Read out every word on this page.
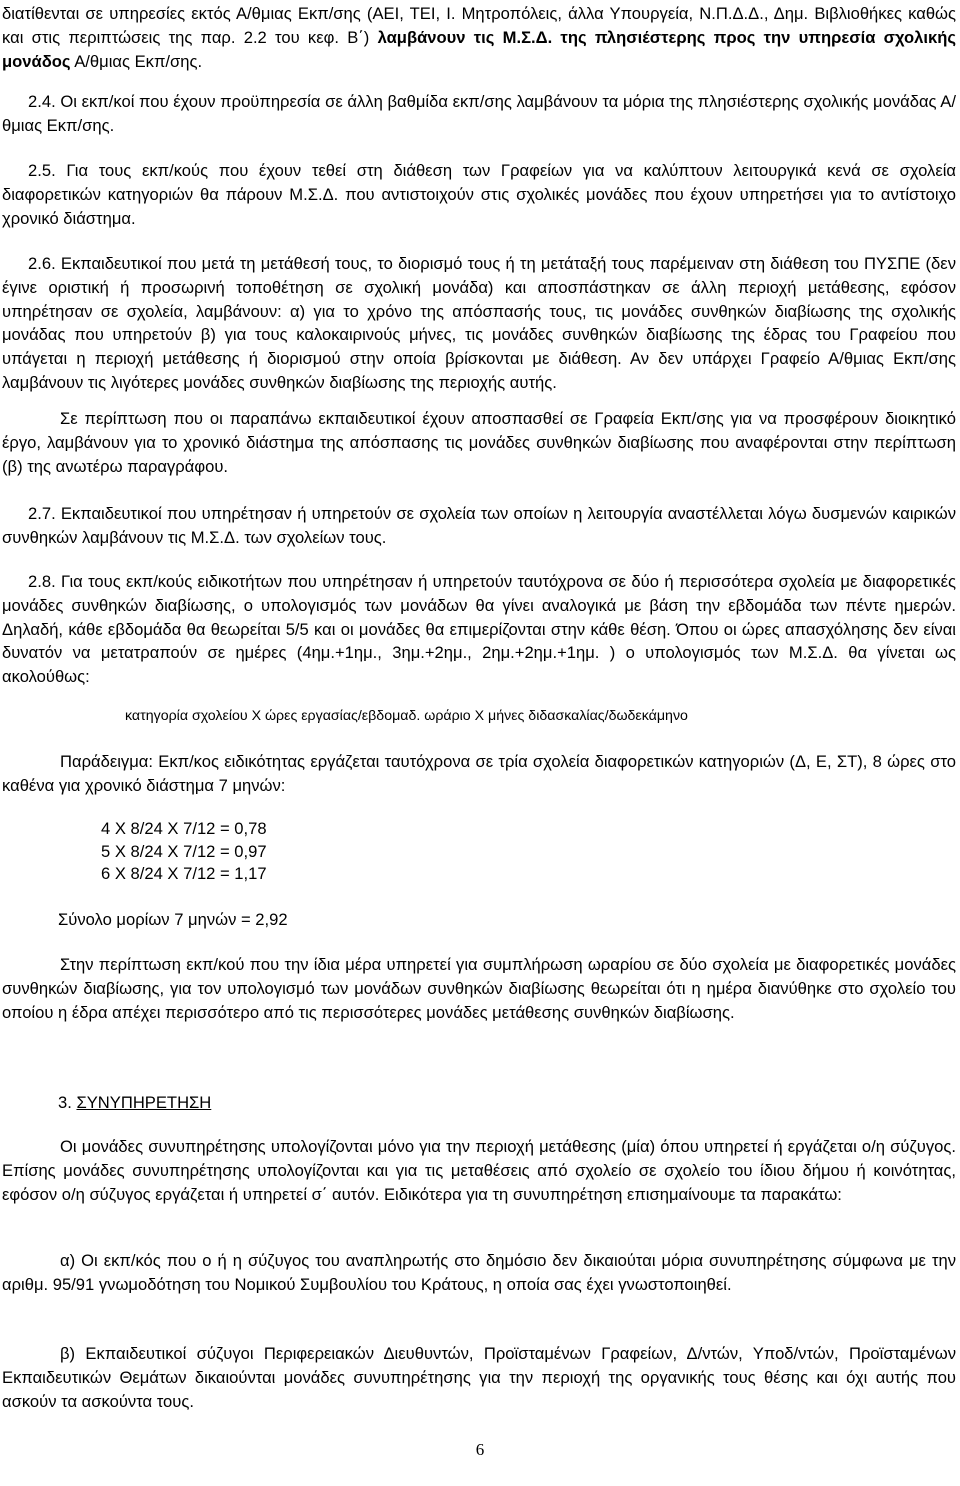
διατίθενται σε υπηρεσίες εκτός Α/θμιας Εκπ/σης (ΑΕΙ, ΤΕΙ, Ι. Μητροπόλεις, άλλα Υπουργεία, Ν.Π.Δ.Δ., Δημ. Βιβλιοθήκες καθώς και στις περιπτώσεις της παρ. 2.2 του κεφ. Β΄) λαμβάνουν τις Μ.Σ.Δ. της πλησιέστερης προς την υπηρεσία σχολικής μονάδος Α/θμιας Εκπ/σης.

2.4. Οι εκπ/κοί που έχουν προϋπηρεσία σε άλλη βαθμίδα εκπ/σης λαμβάνουν τα μόρια της πλησιέστερης σχολικής μονάδας Α/θμιας Εκπ/σης.

2.5. Για τους εκπ/κούς που έχουν τεθεί στη διάθεση των Γραφείων για να καλύπτουν λειτουργικά κενά σε σχολεία διαφορετικών κατηγοριών θα πάρουν Μ.Σ.Δ. που αντιστοιχούν στις σχολικές μονάδες που έχουν υπηρετήσει για το αντίστοιχο χρονικό διάστημα.

2.6. Εκπαιδευτικοί που μετά τη μετάθεσή τους, το διορισμό τους ή τη μετάταξή τους παρέμειναν στη διάθεση του ΠΥΣΠΕ (δεν έγινε οριστική ή προσωρινή τοποθέτηση σε σχολική μονάδα) και αποσπάστηκαν σε άλλη περιοχή μετάθεσης, εφόσον υπηρέτησαν σε σχολεία, λαμβάνουν: α) για το χρόνο της απόσπασής τους, τις μονάδες συνθηκών διαβίωσης της σχολικής μονάδας που υπηρετούν β) για τους καλοκαιρινούς μήνες, τις μονάδες συνθηκών διαβίωσης της έδρας του Γραφείου που υπάγεται η περιοχή μετάθεσης ή διορισμού στην οποία βρίσκονται με διάθεση. Αν δεν υπάρχει Γραφείο Α/θμιας Εκπ/σης λαμβάνουν τις λιγότερες μονάδες συνθηκών διαβίωσης της περιοχής αυτής.

Σε περίπτωση που οι παραπάνω εκπαιδευτικοί έχουν αποσπασθεί σε Γραφεία Εκπ/σης για να προσφέρουν διοικητικό έργο, λαμβάνουν για το χρονικό διάστημα της απόσπασης τις μονάδες συνθηκών διαβίωσης που αναφέρονται στην περίπτωση (β) της ανωτέρω παραγράφου.

2.7. Εκπαιδευτικοί που υπηρέτησαν ή υπηρετούν σε σχολεία των οποίων η λειτουργία αναστέλλεται λόγω δυσμενών καιρικών συνθηκών λαμβάνουν τις Μ.Σ.Δ. των σχολείων τους.

2.8. Για τους εκπ/κούς ειδικοτήτων που υπηρέτησαν ή υπηρετούν ταυτόχρονα σε δύο ή περισσότερα σχολεία με διαφορετικές μονάδες συνθηκών διαβίωσης, ο υπολογισμός των μονάδων θα γίνει αναλογικά με βάση την εβδομάδα των πέντε ημερών. Δηλαδή, κάθε εβδομάδα θα θεωρείται 5/5 και οι μονάδες θα επιμερίζονται στην κάθε θέση. Όπου οι ώρες απασχόλησης δεν είναι δυνατόν να μετατραπούν σε ημέρες (4ημ.+1ημ., 3ημ.+2ημ., 2ημ.+2ημ.+1ημ. ) ο υπολογισμός των Μ.Σ.Δ. θα γίνεται ως ακολούθως:

κατηγορία σχολείου Χ ώρες εργασίας/εβδομαδ. ωράριο Χ μήνες διδασκαλίας/δωδεκάμηνο

Παράδειγμα: Εκπ/κος ειδικότητας εργάζεται ταυτόχρονα σε τρία σχολεία διαφορετικών κατηγοριών (Δ, Ε, ΣΤ), 8 ώρες στο καθένα για χρονικό διάστημα 7 μηνών:

4 Χ 8/24 Χ 7/12 = 0,78

5 Χ 8/24 Χ 7/12 = 0,97

6 Χ 8/24 Χ 7/12 = 1,17

Σύνολο μορίων 7 μηνών = 2,92

Στην περίπτωση εκπ/κού που την ίδια μέρα υπηρετεί για συμπλήρωση ωραρίου σε δύο σχολεία με διαφορετικές μονάδες συνθηκών διαβίωσης, για τον υπολογισμό των μονάδων συνθηκών διαβίωσης θεωρείται ότι η ημέρα διανύθηκε στο σχολείο του οποίου η έδρα απέχει περισσότερο από τις περισσότερες μονάδες μετάθεσης συνθηκών διαβίωσης.

3. ΣΥΝΥΠΗΡΕΤΗΣΗ

Οι μονάδες συνυπηρέτησης υπολογίζονται μόνο για την περιοχή μετάθεσης (μία) όπου υπηρετεί ή εργάζεται ο/η σύζυγος. Επίσης μονάδες συνυπηρέτησης υπολογίζονται και για τις μεταθέσεις από σχολείο σε σχολείο του ίδιου δήμου ή κοινότητας, εφόσον ο/η σύζυγος εργάζεται ή υπηρετεί σ΄ αυτόν. Ειδικότερα για τη συνυπηρέτηση επισημαίνουμε τα παρακάτω:

α) Οι εκπ/κός που ο ή η σύζυγος του αναπληρωτής στο δημόσιο δεν δικαιούται μόρια συνυπηρέτησης σύμφωνα με την αριθμ. 95/91 γνωμοδότηση του Νομικού Συμβουλίου του Κράτους, η οποία σας έχει γνωστοποιηθεί.

β) Εκπαιδευτικοί σύζυγοι Περιφερειακών Διευθυντών, Προϊσταμένων Γραφείων, Δ/ντών, Υποδ/ντών, Προϊσταμένων Εκπαιδευτικών Θεμάτων δικαιούνται μονάδες συνυπηρέτησης για την περιοχή της οργανικής τους θέσης και όχι αυτής που ασκούν τα ασκούντα τους.

6
